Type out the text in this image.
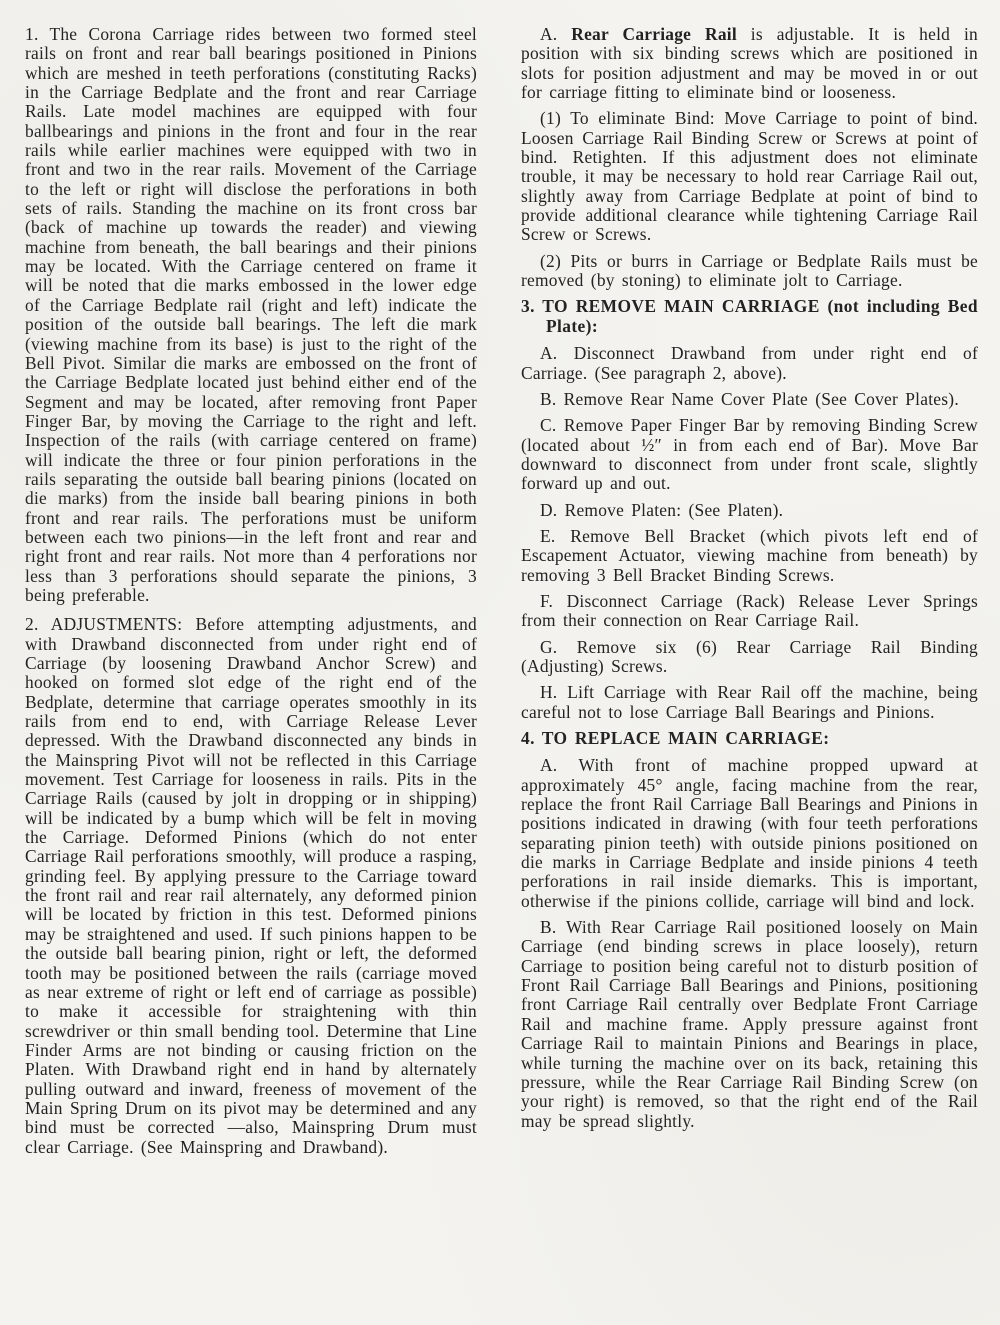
1. The Corona Carriage rides between two formed steel rails on front and rear ball bearings positioned in Pinions which are meshed in teeth perforations (constituting Racks) in the Carriage Bedplate and the front and rear Carriage Rails. Late model machines are equipped with four ballbearings and pinions in the front and four in the rear rails while earlier machines were equipped with two in front and two in the rear rails. Movement of the Carriage to the left or right will disclose the perforations in both sets of rails. Standing the machine on its front cross bar (back of machine up towards the reader) and viewing machine from beneath, the ball bearings and their pinions may be located. With the Carriage centered on frame it will be noted that die marks embossed in the lower edge of the Carriage Bedplate rail (right and left) indicate the position of the outside ball bearings. The left die mark (viewing machine from its base) is just to the right of the Bell Pivot. Similar die marks are embossed on the front of the Carriage Bedplate located just behind either end of the Segment and may be located, after removing front Paper Finger Bar, by moving the Carriage to the right and left. Inspection of the rails (with carriage centered on frame) will indicate the three or four pinion perforations in the rails separating the outside ball bearing pinions (located on die marks) from the inside ball bearing pinions in both front and rear rails. The perforations must be uniform between each two pinions—in the left front and rear and right front and rear rails. Not more than 4 perforations nor less than 3 perforations should separate the pinions, 3 being preferable.

2. ADJUSTMENTS: Before attempting adjustments, and with Drawband disconnected from under right end of Carriage (by loosening Drawband Anchor Screw) and hooked on formed slot edge of the right end of the Bedplate, determine that carriage operates smoothly in its rails from end to end, with Carriage Release Lever depressed. With the Drawband disconnected any binds in the Mainspring Pivot will not be reflected in this Carriage movement. Test Carriage for looseness in rails. Pits in the Carriage Rails (caused by jolt in dropping or in shipping) will be indicated by a bump which will be felt in moving the Carriage. Deformed Pinions (which do not enter Carriage Rail perforations smoothly, will produce a rasping, grinding feel. By applying pressure to the Carriage toward the front rail and rear rail alternately, any deformed pinion will be located by friction in this test. Deformed pinions may be straightened and used. If such pinions happen to be the outside ball bearing pinion, right or left, the deformed tooth may be positioned between the rails (carriage moved as near extreme of right or left end of carriage as possible) to make it accessible for straightening with thin screwdriver or thin small bending tool. Determine that Line Finder Arms are not binding or causing friction on the Platen. With Drawband right end in hand by alternately pulling outward and inward, freeness of movement of the Main Spring Drum on its pivot may be determined and any bind must be corrected —also, Mainspring Drum must clear Carriage. (See Mainspring and Drawband).

A. Rear Carriage Rail is adjustable. It is held in position with six binding screws which are positioned in slots for position adjustment and may be moved in or out for carriage fitting to eliminate bind or looseness.

(1) To eliminate Bind: Move Carriage to point of bind. Loosen Carriage Rail Binding Screw or Screws at point of bind. Retighten. If this adjustment does not eliminate trouble, it may be necessary to hold rear Carriage Rail out, slightly away from Carriage Bedplate at point of bind to provide additional clearance while tightening Carriage Rail Screw or Screws.

(2) Pits or burrs in Carriage or Bedplate Rails must be removed (by stoning) to eliminate jolt to Carriage.

3. TO REMOVE MAIN CARRIAGE (not including Bed Plate):

A. Disconnect Drawband from under right end of Carriage. (See paragraph 2, above).

B. Remove Rear Name Cover Plate (See Cover Plates).

C. Remove Paper Finger Bar by removing Binding Screw (located about ½″ in from each end of Bar). Move Bar downward to disconnect from under front scale, slightly forward up and out.

D. Remove Platen: (See Platen).

E. Remove Bell Bracket (which pivots left end of Escapement Actuator, viewing machine from beneath) by removing 3 Bell Bracket Binding Screws.

F. Disconnect Carriage (Rack) Release Lever Springs from their connection on Rear Carriage Rail.

G. Remove six (6) Rear Carriage Rail Binding (Adjusting) Screws.

H. Lift Carriage with Rear Rail off the machine, being careful not to lose Carriage Ball Bearings and Pinions.

4. TO REPLACE MAIN CARRIAGE:

A. With front of machine propped upward at approximately 45° angle, facing machine from the rear, replace the front Rail Carriage Ball Bearings and Pinions in positions indicated in drawing (with four teeth perforations separating pinion teeth) with outside pinions positioned on die marks in Carriage Bedplate and inside pinions 4 teeth perforations in rail inside diemarks. This is important, otherwise if the pinions collide, carriage will bind and lock.

B. With Rear Carriage Rail positioned loosely on Main Carriage (end binding screws in place loosely), return Carriage to position being careful not to disturb position of Front Rail Carriage Ball Bearings and Pinions, positioning front Carriage Rail centrally over Bedplate Front Carriage Rail and machine frame. Apply pressure against front Carriage Rail to maintain Pinions and Bearings in place, while turning the machine over on its back, retaining this pressure, while the Rear Carriage Rail Binding Screw (on your right) is removed, so that the right end of the Rail may be spread slightly.
